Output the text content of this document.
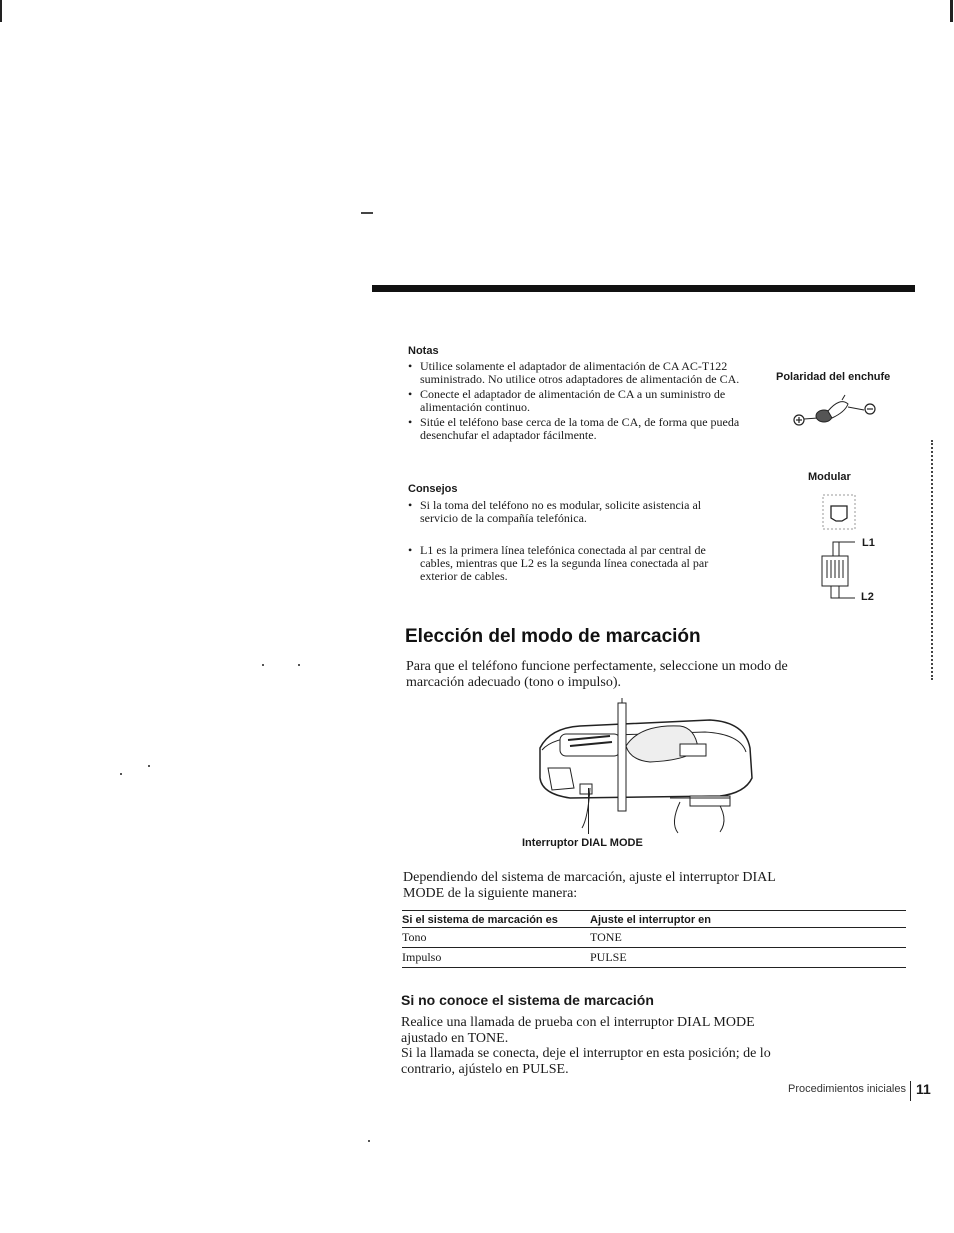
Notas
• Utilice solamente el adaptador de alimentación de CA AC-T122 suministrado. No utilice otros adaptadores de alimentación de CA.
• Conecte el adaptador de alimentación de CA a un suministro de alimentación continuo.
• Sitúe el teléfono base cerca de la toma de CA, de forma que pueda desenchufar el adaptador fácilmente.
Consejos
• Si la toma del teléfono no es modular, solicite asistencia al servicio de la compañía telefónica.
• L1 es la primera línea telefónica conectada al par central de cables, mientras que L2 es la segunda línea conectada al par exterior de cables.
Polaridad del enchufe
Modular
L1
L2
Elección del modo de marcación
Para que el teléfono funcione perfectamente, seleccione un modo de marcación adecuado (tono o impulso).
Interruptor DIAL MODE
Dependiendo del sistema de marcación, ajuste el interruptor DIAL MODE de la siguiente manera:
Si el sistema de marcación es	Ajuste el interruptor en
Tono	TONE
Impulso	PULSE
Si no conoce el sistema de marcación
Realice una llamada de prueba con el interruptor DIAL MODE ajustado en TONE.
Si la llamada se conecta, deje el interruptor en esta posición; de lo contrario, ajústelo en PULSE.
Procedimientos iniciales 11
